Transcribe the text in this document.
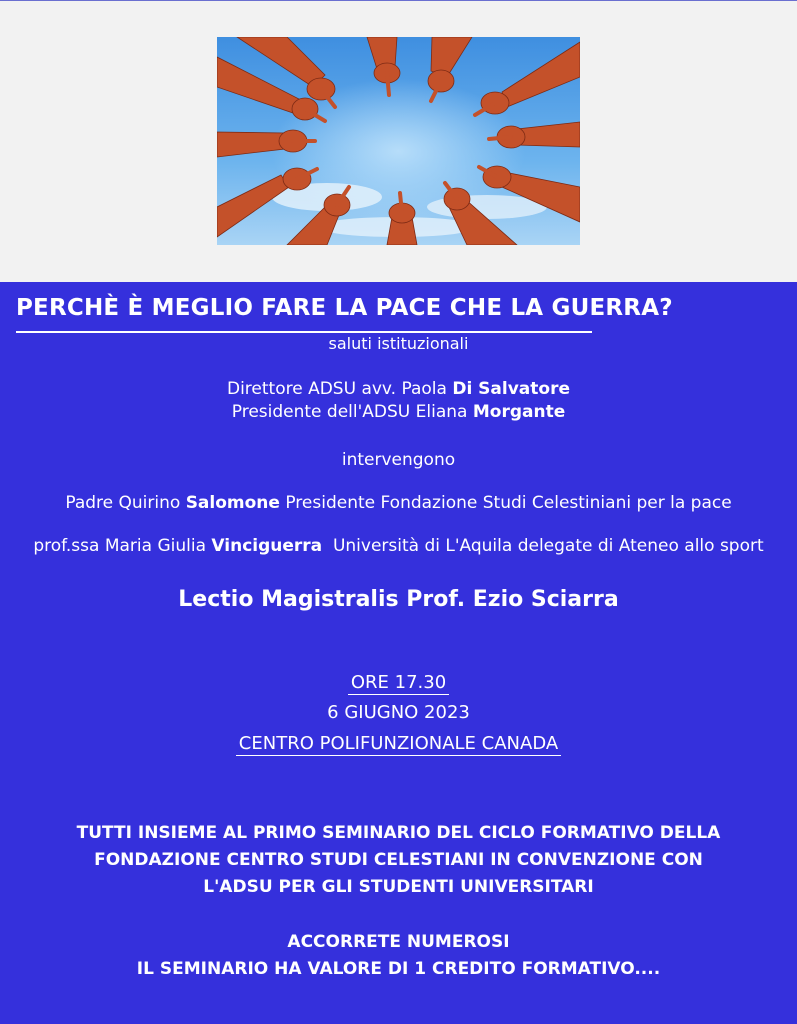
PERCHÈ È MEGLIO FARE LA PACE CHE LA GUERRA?
saluti istituzionali
Direttore ADSU avv. Paola Di Salvatore
Presidente dell'ADSU Eliana Morgante
intervengono
Padre Quirino Salomone Presidente Fondazione Studi Celestiniani per la pace
prof.ssa Maria Giulia Vinciguerra  Università di L'Aquila delegate di Ateneo allo sport
Lectio Magistralis Prof. Ezio Sciarra
ORE 17.30
6 GIUGNO 2023
CENTRO POLIFUNZIONALE CANADA
TUTTI INSIEME AL PRIMO SEMINARIO DEL CICLO FORMATIVO DELLA
FONDAZIONE CENTRO STUDI CELESTIANI IN CONVENZIONE CON
L'ADSU PER GLI STUDENTI UNIVERSITARI
ACCORRETE NUMEROSI
IL SEMINARIO HA VALORE DI 1 CREDITO FORMATIVO....
